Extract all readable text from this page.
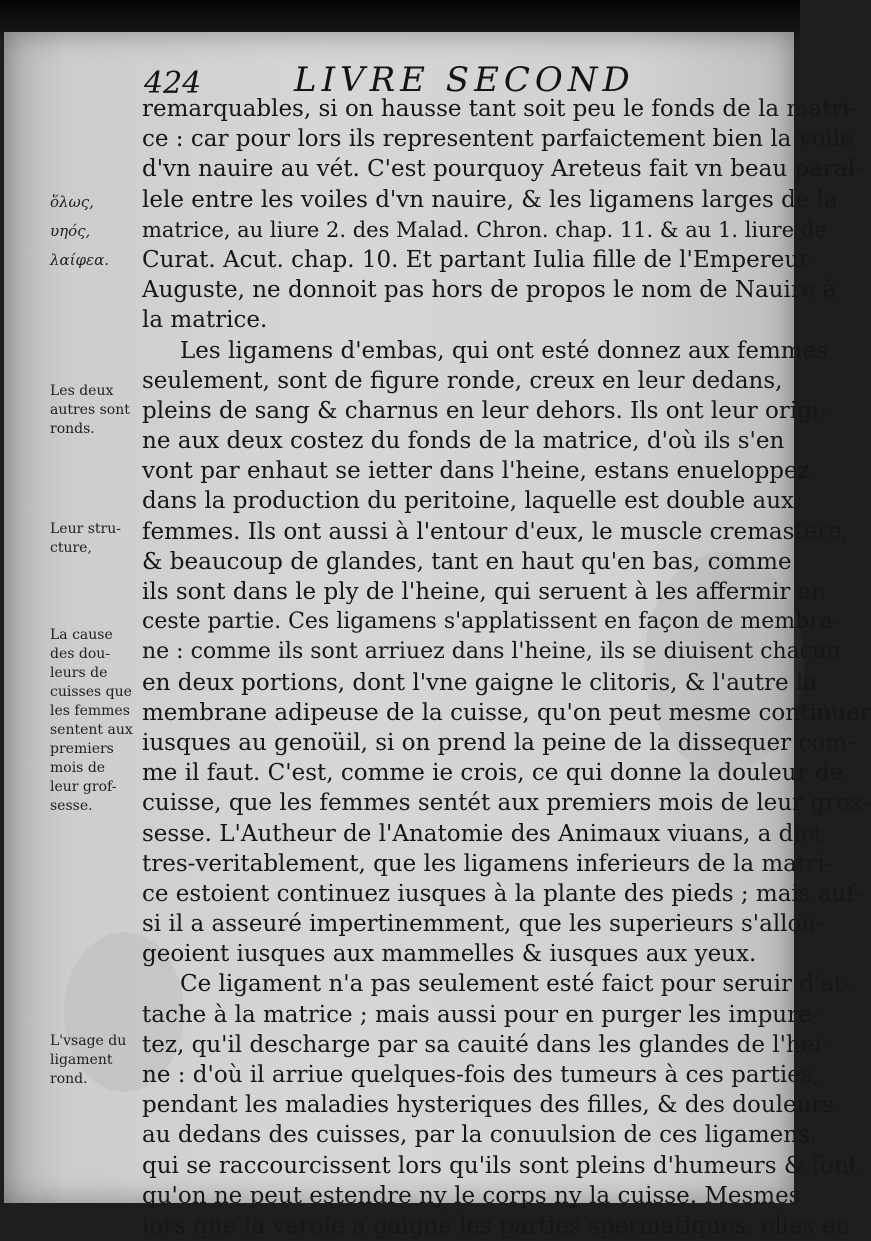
424	LIVRE SECOND
ὅλως,
υηός,
λαίφεα.
Les deux
autres sont
ronds.
Leur stru-
cture,
La cause
des dou-
leurs de
cuisses que
les femmes
sentent aux
premiers
mois de
leur grof-
sesse.
L'vsage du
ligament
rond.
remarquables, si on hausse tant soit peu le fonds de la matri-
ce : car pour lors ils representent parfaictement bien la voile
d'vn nauire au vét. C'est pourquoy Areteus fait vn beau paral-
lele entre les voiles d'vn nauire, & les ligamens larges de la
matrice, au liure 2. des Malad. Chron. chap. 11. & au 1. liure de
Curat. Acut. chap. 10. Et partant Iulia fille de l'Empereur
Auguste, ne donnoit pas hors de propos le nom de Nauire à
la matrice.
Les ligamens d'embas, qui ont esté donnez aux femmes
seulement, sont de figure ronde, creux en leur dedans,
pleins de sang & charnus en leur dehors. Ils ont leur origi-
ne aux deux costez du fonds de la matrice, d'où ils s'en
vont par enhaut se ietter dans l'heine, estans enueloppez
dans la production du peritoine, laquelle est double aux
femmes. Ils ont aussi à l'entour d'eux, le muscle cremastere,
& beaucoup de glandes, tant en haut qu'en bas, comme
ils sont dans le ply de l'heine, qui seruent à les affermir en
ceste partie. Ces ligamens s'applatissent en façon de membra-
ne : comme ils sont arriuez dans l'heine, ils se diuisent chacun
en deux portions, dont l'vne gaigne le clitoris, & l'autre la
membrane adipeuse de la cuisse, qu'on peut mesme continuer
iusques au genoüil, si on prend la peine de la dissequer com-
me il faut. C'est, comme ie crois, ce qui donne la douleur de
cuisse, que les femmes sentét aux premiers mois de leur gros-
sesse. L'Autheur de l'Anatomie des Animaux viuans, a dict
tres-veritablement, que les ligamens inferieurs de la matri-
ce estoient continuez iusques à la plante des pieds ; mais auf-
si il a asseuré impertinemment, que les superieurs s'allon-
geoient iusques aux mammelles & iusques aux yeux.
Ce ligament n'a pas seulement esté faict pour seruir d'at-
tache à la matrice ; mais aussi pour en purger les impure-
tez, qu'il descharge par sa cauité dans les glandes de l'hei-
ne : d'où il arriue quelques-fois des tumeurs à ces parties,
pendant les maladies hysteriques des filles, & des douleurs
au dedans des cuisses, par la conuulsion de ces ligamens,
qui se raccourcissent lors qu'ils sont pleins d'humeurs & font
qu'on ne peut estendre ny le corps ny la cuisse. Mesmes
lors que la verole a gaigné les parties spermatiques, elles en
